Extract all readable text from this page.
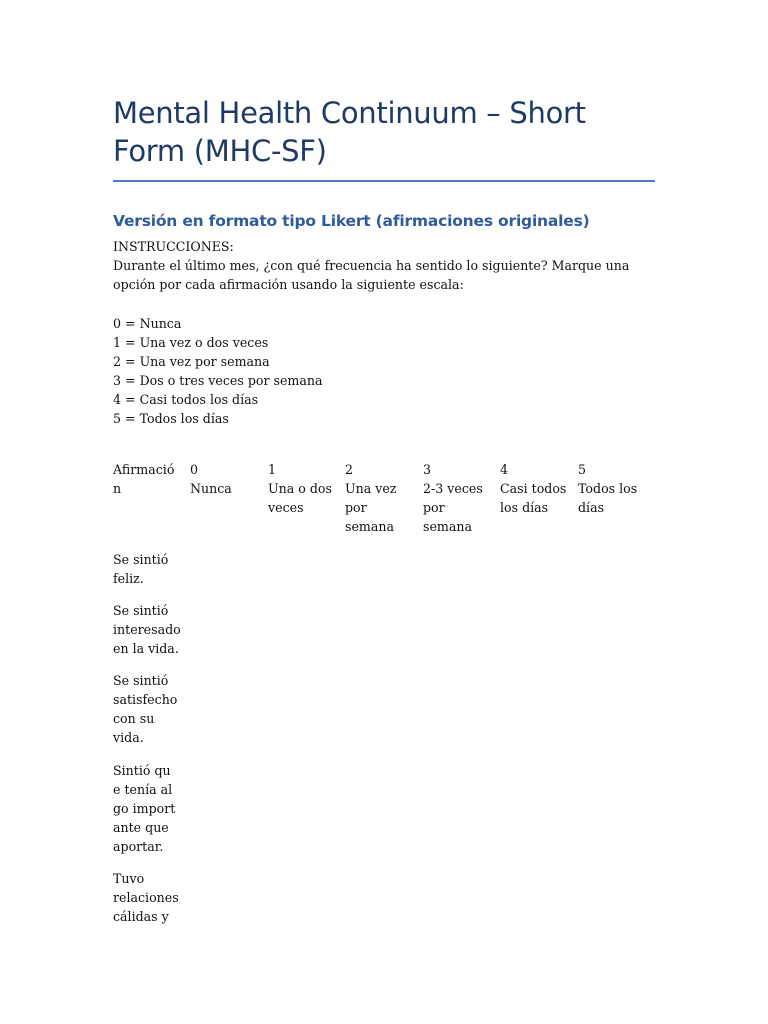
Mental Health Continuum – Short Form (MHC-SF)
Versión en formato tipo Likert (afirmaciones originales)

INSTRUCCIONES:

Durante el último mes, ¿con qué frecuencia ha sentido lo siguiente? Marque una opción por cada afirmación usando la siguiente escala:

0 = Nunca
1 = Una vez o dos veces
2 = Una vez por semana
3 = Dos o tres veces por semana
4 = Casi todos los días
5 = Todos los días
Afirmación
0
Nunca
1
Una o dos veces
2
Una vez por semana
3
2-3 veces por semana
4
Casi todos los días
5
Todos los días
Se sintió feliz.
Se sintió interesado en la vida.
Se sintió satisfecho con su vida.
Sintió que tenía algo importante que aportar.
Tuvo relaciones cálidas y
